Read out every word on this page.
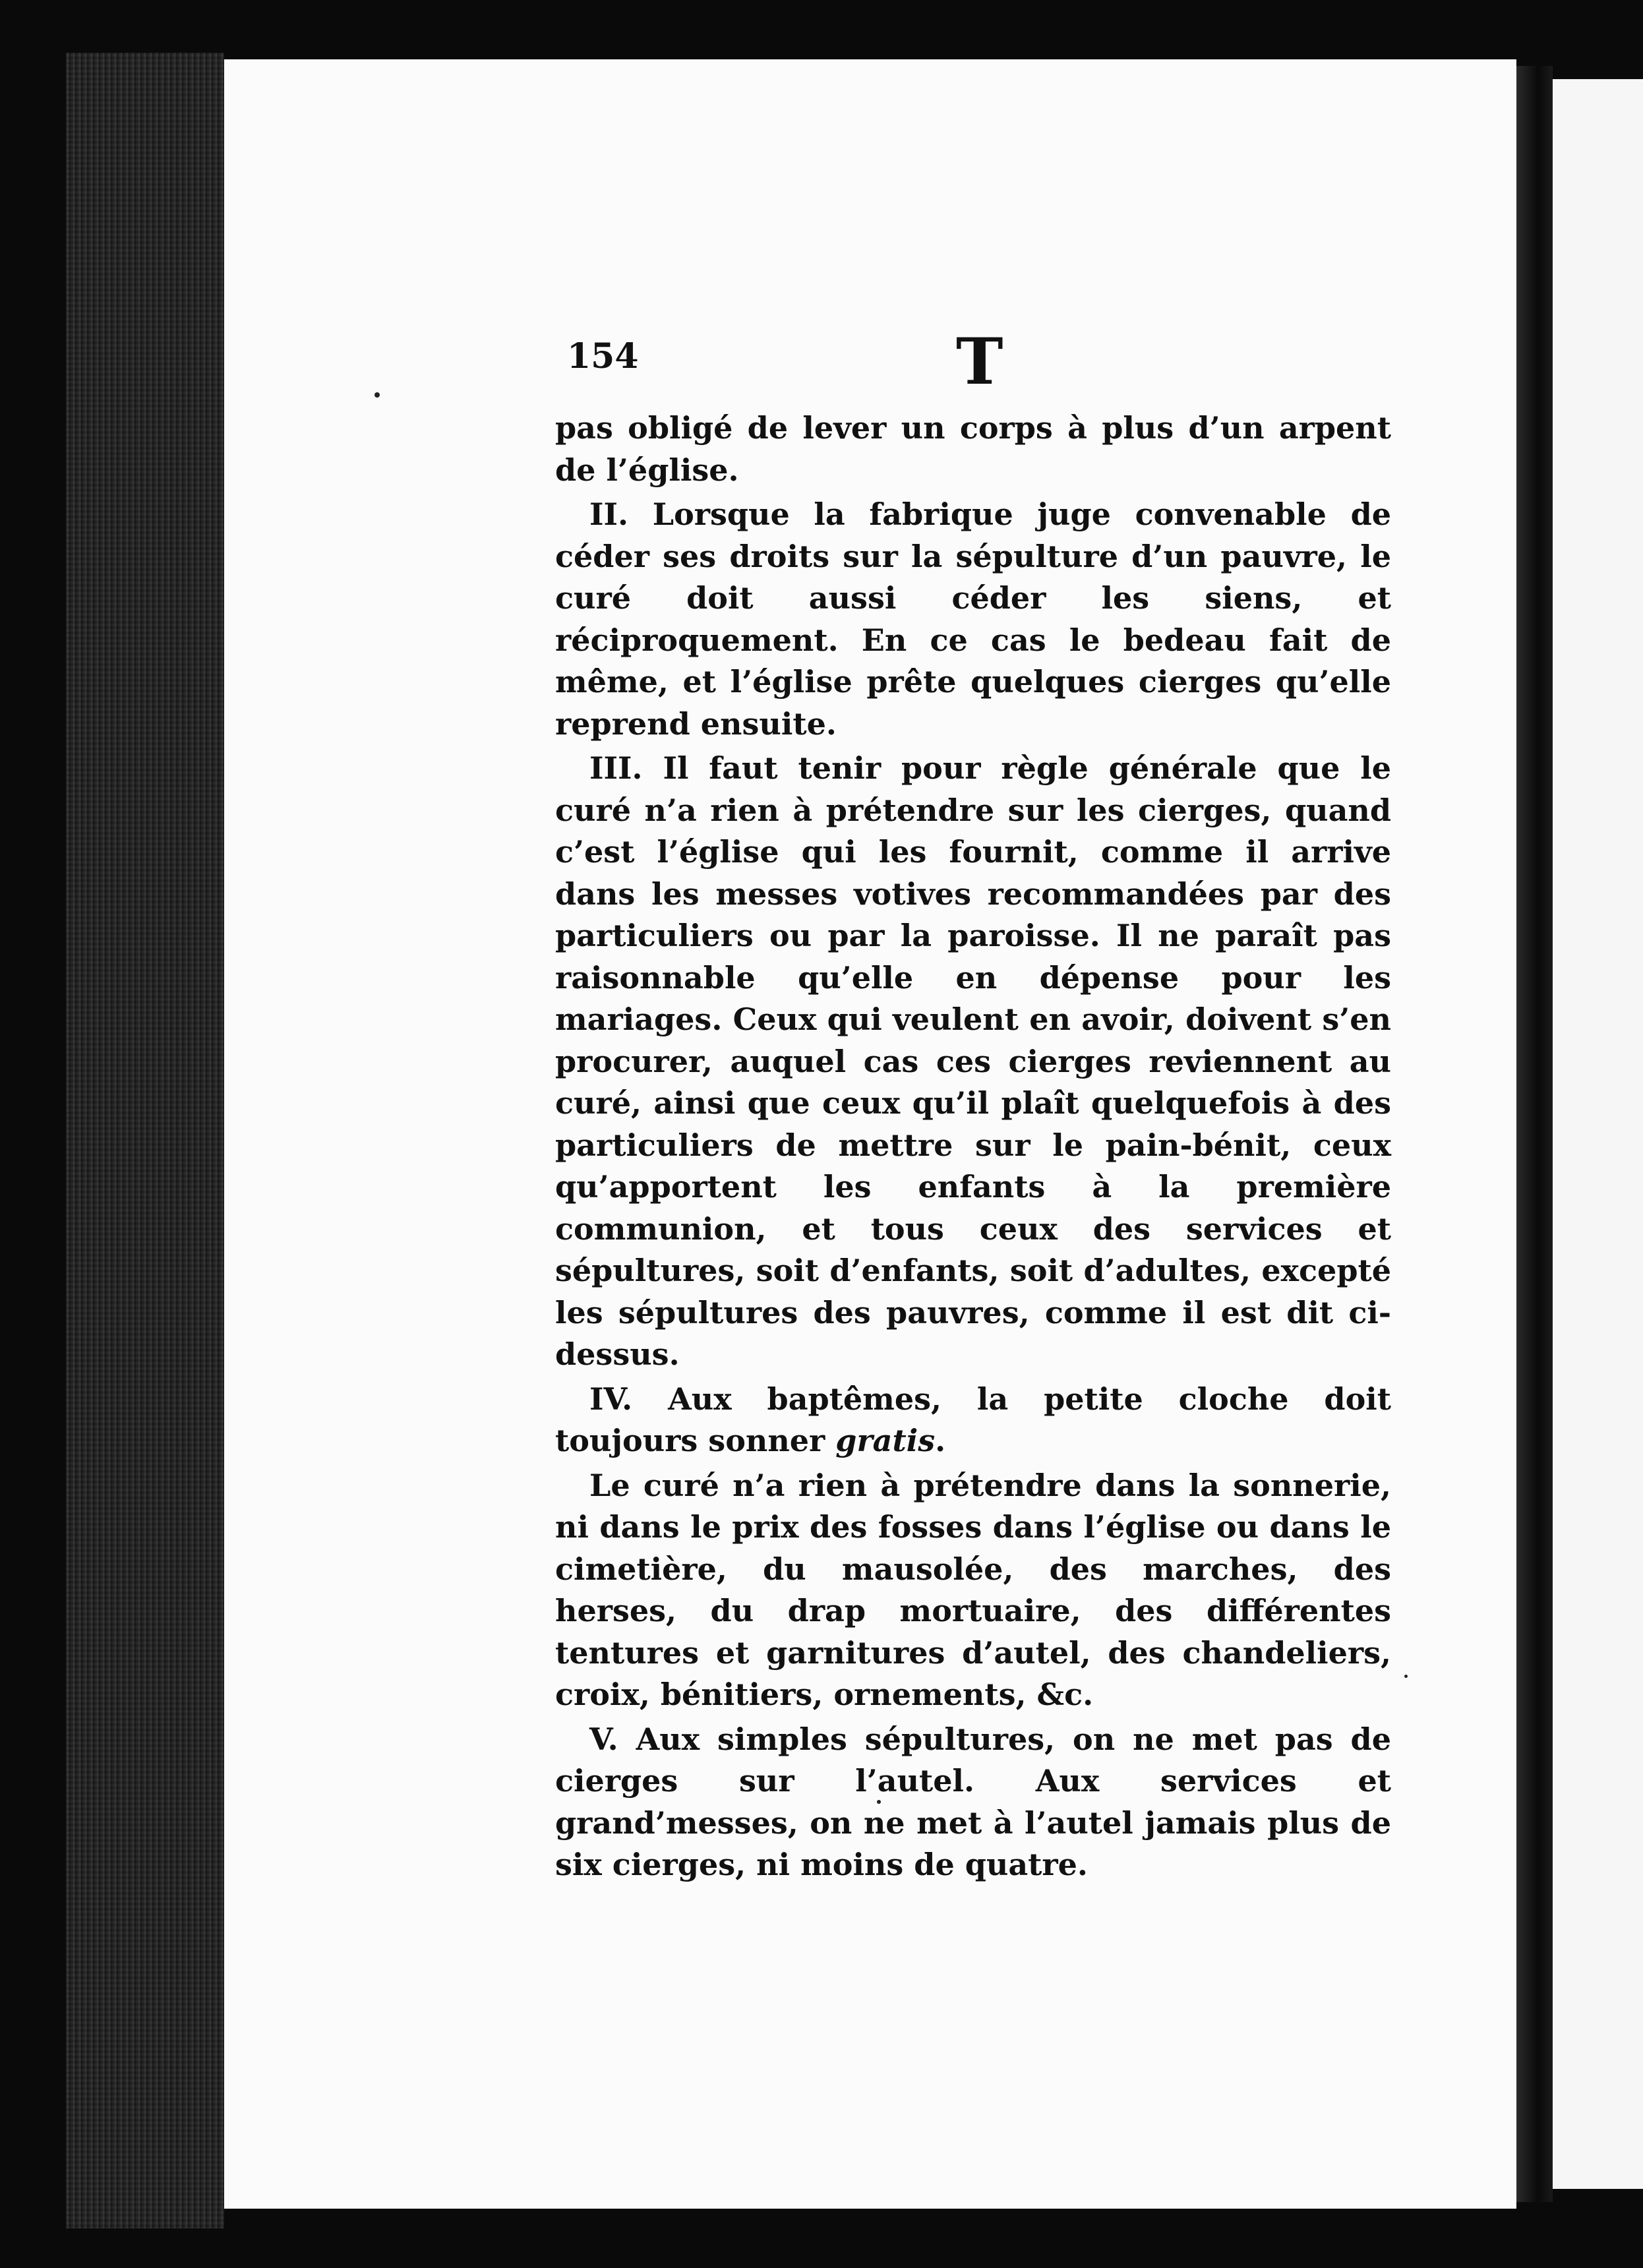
154	T

pas obligé de lever un corps à plus d’un arpent de l’église.

II. Lorsque la fabrique juge convenable de céder ses droits sur la sépulture d’un pauvre, le curé doit aussi céder les siens, et réciproquement. En ce cas le bedeau fait de même, et l’église prête quelques cierges qu’elle reprend ensuite.

III. Il faut tenir pour règle générale que le curé n’a rien à prétendre sur les cierges, quand c’est l’église qui les fournit, comme il arrive dans les messes votives recommandées par des particuliers ou par la paroisse. Il ne paraît pas raisonnable qu’elle en dépense pour les mariages. Ceux qui veulent en avoir, doivent s’en procurer, auquel cas ces cierges reviennent au curé, ainsi que ceux qu’il plaît quelquefois à des particuliers de mettre sur le pain-bénit, ceux qu’apportent les enfants à la première communion, et tous ceux des services et sépultures, soit d’enfants, soit d’adultes, excepté les sépultures des pauvres, comme il est dit ci-dessus.

IV. Aux baptêmes, la petite cloche doit toujours sonner gratis.

Le curé n’a rien à prétendre dans la sonnerie, ni dans le prix des fosses dans l’église ou dans le cimetière, du mausolée, des marches, des herses, du drap mortuaire, des différentes tentures et garnitures d’autel, des chandeliers, croix, bénitiers, ornements, &c.

V. Aux simples sépultures, on ne met pas de cierges sur l’autel. Aux services et grand’messes, on ne met à l’autel jamais plus de six cierges, ni moins de quatre.
